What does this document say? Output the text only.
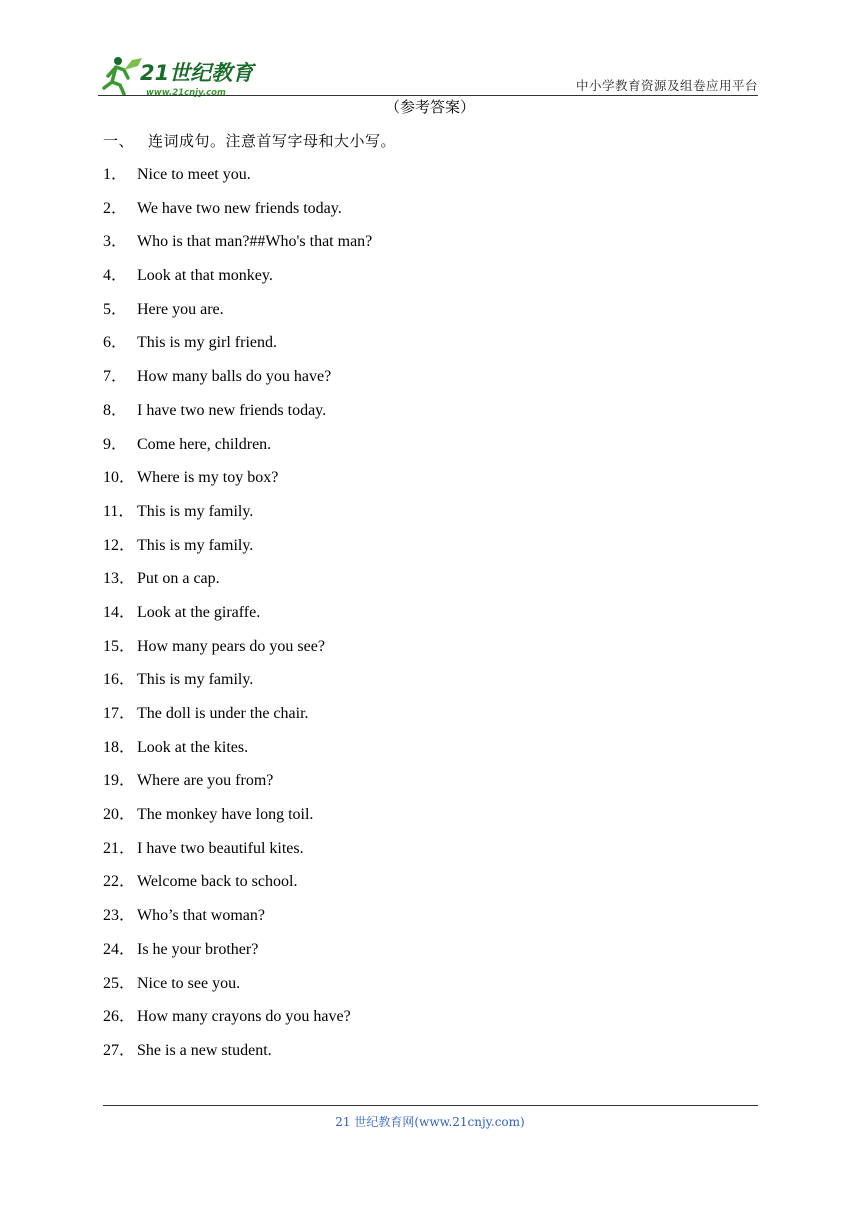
21世纪教育
www.21cnjy.com	中小学教育资源及组卷应用平台
（参考答案）
一、 连词成句。注意首写字母和大小写。
1． Nice to meet you.
2． We have two new friends today.
3． Who is that man?##Who's that man?
4． Look at that monkey.
5． Here you are.
6． This is my girl friend.
7． How many balls do you have?
8． I have two new friends today.
9． Come here, children.
10． Where is my toy box?
11． This is my family.
12． This is my family.
13． Put on a cap.
14． Look at the giraffe.
15． How many pears do you see?
16． This is my family.
17． The doll is under the chair.
18． Look at the kites.
19． Where are you from?
20． The monkey have long toil.
21． I have two beautiful kites.
22． Welcome back to school.
23． Who’s that woman?
24． Is he your brother?
25． Nice to see you.
26． How many crayons do you have?
27． She is a new student.
21 世纪教育网(www.21cnjy.com)
